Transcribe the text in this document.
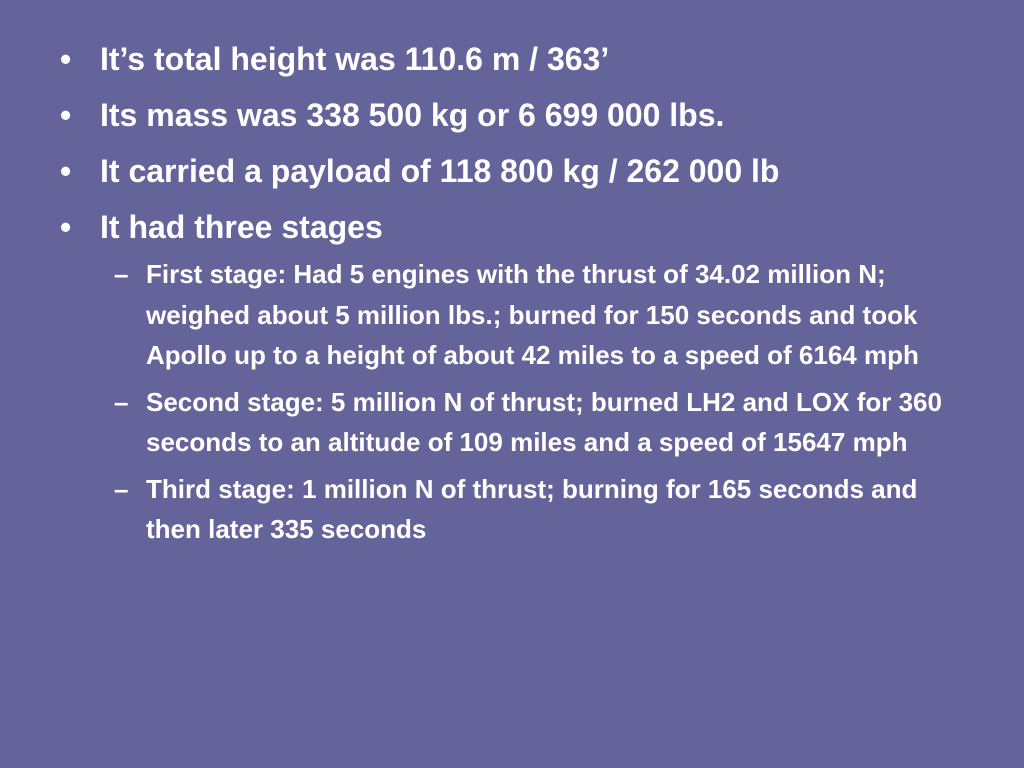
• It’s total height was 110.6 m / 363’
• Its mass was 338 500 kg or 6 699 000 lbs.
• It carried a payload of 118 800 kg / 262 000 lb
• It had three stages
– First stage: Had 5 engines with the thrust of 34.02 million N; weighed about 5 million lbs.; burned for 150 seconds and took Apollo up to a height of about 42 miles to a speed of 6164 mph
– Second stage: 5 million N of thrust; burned LH2 and LOX for 360 seconds to an altitude of 109 miles and a speed of 15647 mph
– Third stage: 1 million N of thrust; burning for 165 seconds and then later 335 seconds
